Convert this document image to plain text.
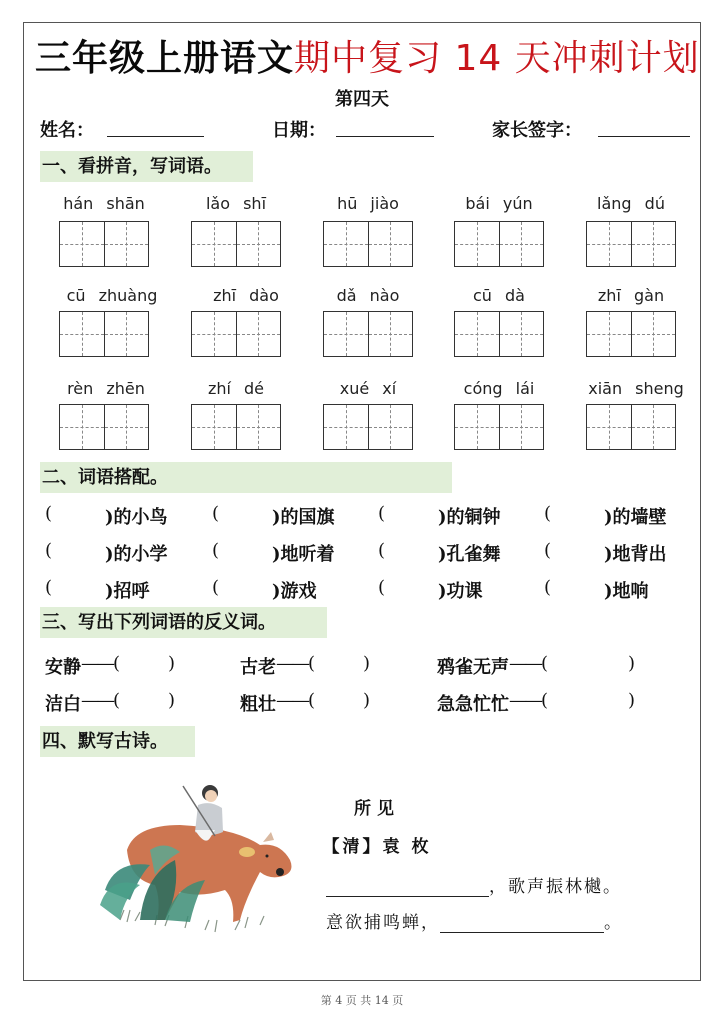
三年级上册语文期中复习 14 天冲刺计划
第四天
姓名：	日期：	家长签字：
一、看拼音，写词语。
hán shān	lǎo shī	hū jiào	bái yún	lǎng dú
cū zhuàng	zhī dào	dǎ nào	cū dà	zhī gàn
rèn zhēn	zhí dé	xué xí	cóng lái	xiān sheng
二、词语搭配。
(	)的小鸟 (	)的国旗 (	)的铜钟 (	)的墙壁
(	)的小学 (	)地听着 (	)孔雀舞 (	)地背出
(	)招呼	(	)游戏	(	)功课	(	)地响
三、写出下列词语的反义词。
安静 ——(	)	古老 ——(	)	鸦雀无声 ——(	)
洁白 ——(	)	粗壮 ——(	)	急急忙忙 ——(	)
四、默写古诗。
所见
【清】袁 枚
，歌声振林樾。
意欲捕鸣蝉，	。
第 4 页 共 14 页
